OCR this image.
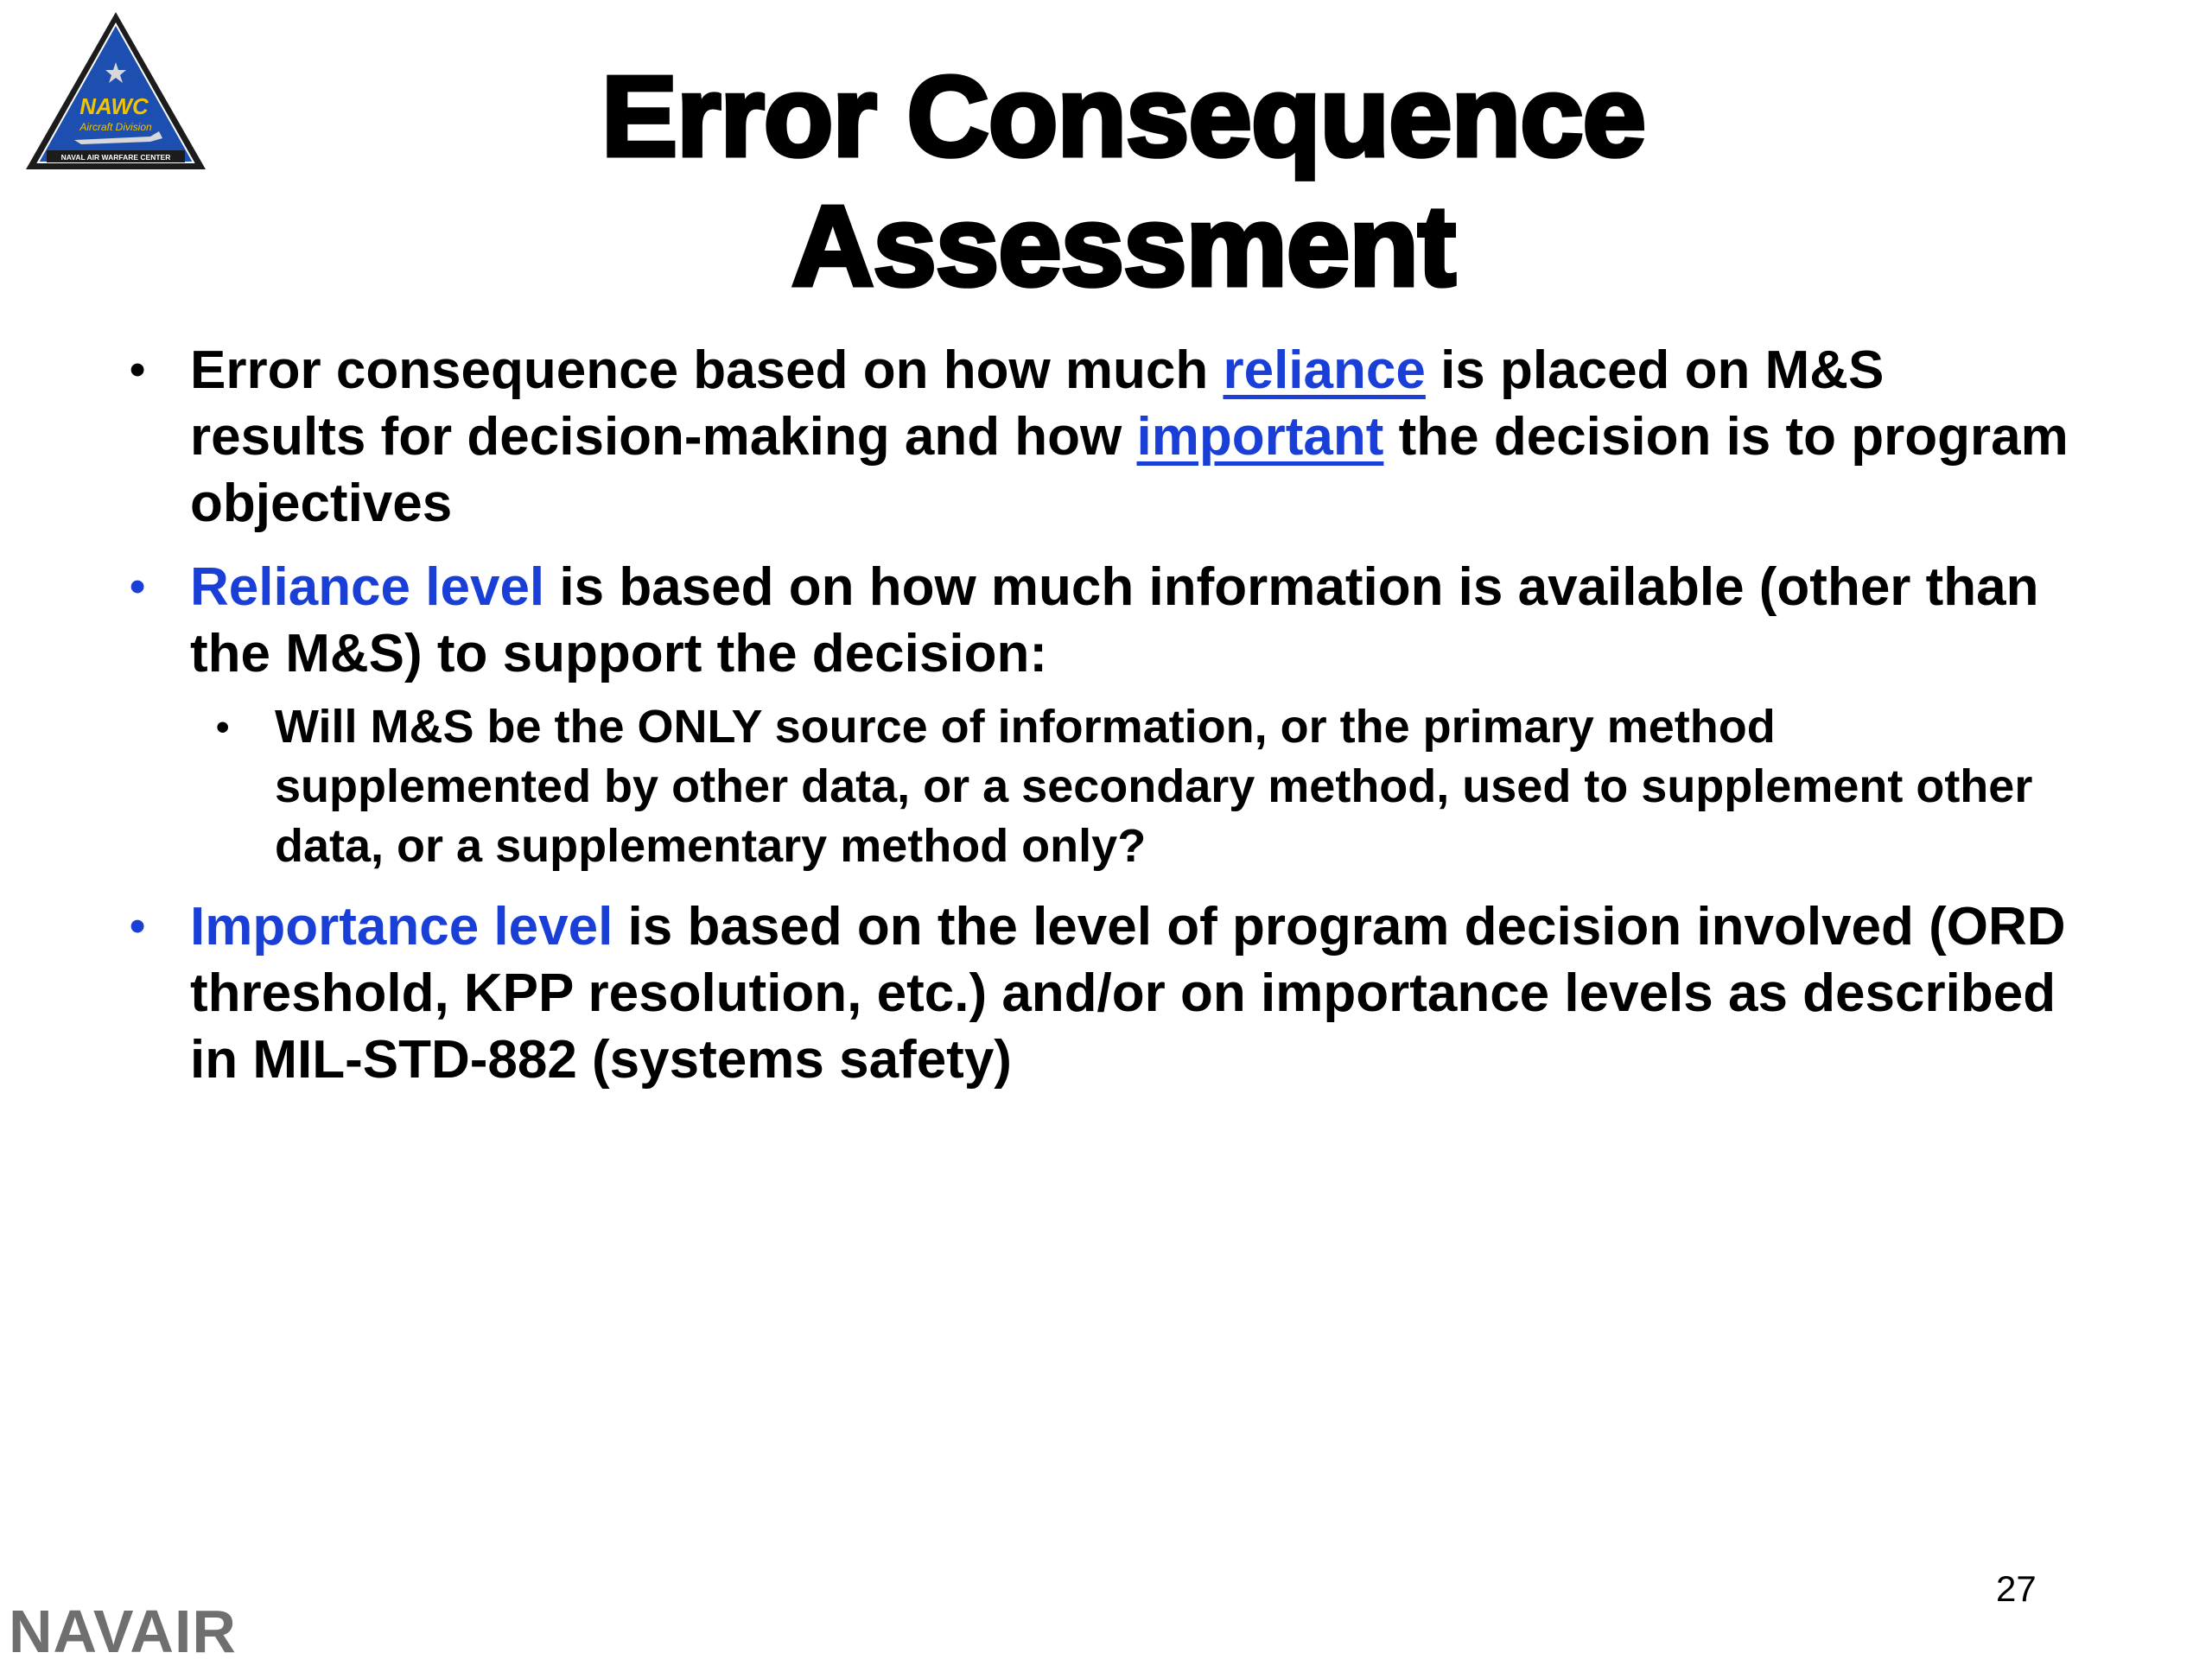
NAWC
Aircraft Division
NAVAL AIR WARFARE CENTER	Error Consequence
Assessment
• Error consequence based on how much reliance is placed on M&S results for decision-making and how important the decision is to program objectives
• Reliance level is based on how much information is available (other than the M&S) to support the decision:
• Will M&S be the ONLY source of information, or the primary method supplemented by other data, or a secondary method, used to supplement other data, or a supplementary method only?
• Importance level is based on the level of program decision involved (ORD threshold, KPP resolution, etc.) and/or on importance levels as described in MIL-STD-882 (systems safety)
27
NAVAIR
